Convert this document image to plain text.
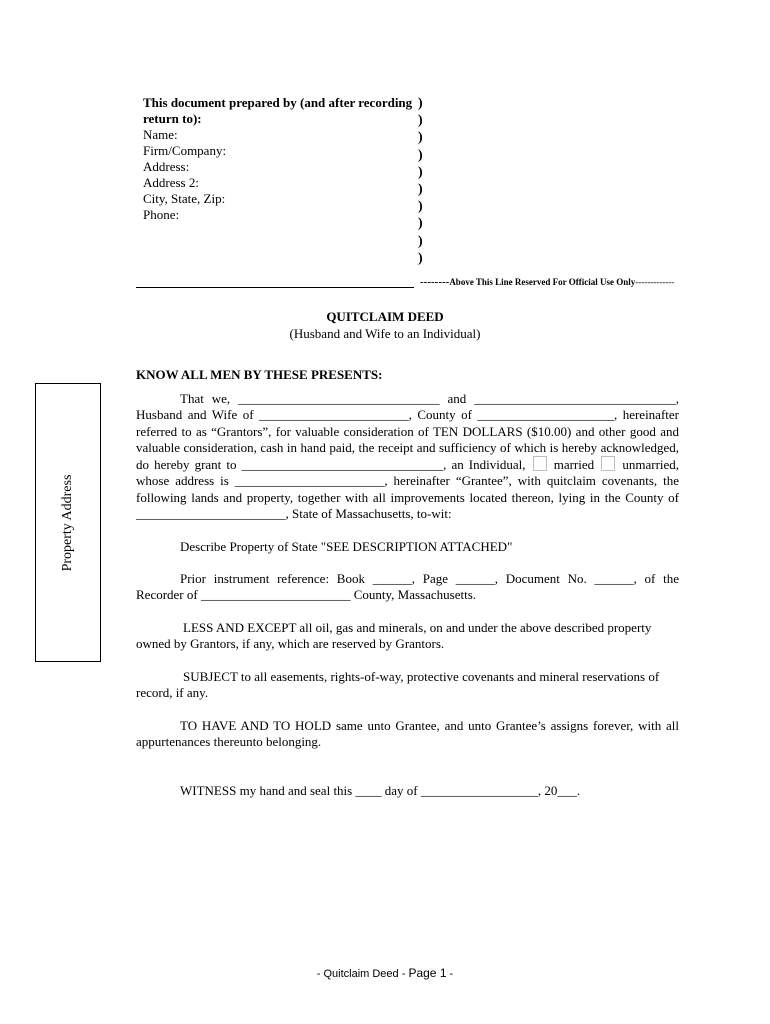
This document prepared by (and after recording
return to):
Name:
Firm/Company:
Address:
Address 2:
City, State, Zip:
Phone:
)
)
)
)
)
)
)
)
)
)
--------Above This Line Reserved For Official Use Only-------------
QUITCLAIM DEED
(Husband and Wife to an Individual)
KNOW ALL MEN BY THESE PRESENTS:
Property Address

That we, _______________________________ and _______________________________, Husband and Wife of _______________________, County of _____________________, hereinafter referred to as “Grantors”, for valuable consideration of TEN DOLLARS ($10.00) and other good and valuable consideration, cash in hand paid, the receipt and sufficiency of which is hereby acknowledged, do hereby grant to _______________________________, an Individual, married unmarried, whose address is _______________________, hereinafter “Grantee”, with quitclaim covenants, the following lands and property, together with all improvements located thereon, lying in the County of _______________________, State of Massachusetts, to-wit:

Describe Property of State "SEE DESCRIPTION ATTACHED"

Prior instrument reference: Book ______, Page ______, Document No. ______, of the Recorder of _______________________ County, Massachusetts.

LESS AND EXCEPT all oil, gas and minerals, on and under the above described property owned by Grantors, if any, which are reserved by Grantors.

SUBJECT to all easements, rights-of-way, protective covenants and mineral reservations of record, if any.

TO HAVE AND TO HOLD same unto Grantee, and unto Grantee’s assigns forever, with all appurtenances thereunto belonging.

WITNESS my hand and seal this ____ day of __________________, 20___.

- Quitclaim Deed - Page 1 -
